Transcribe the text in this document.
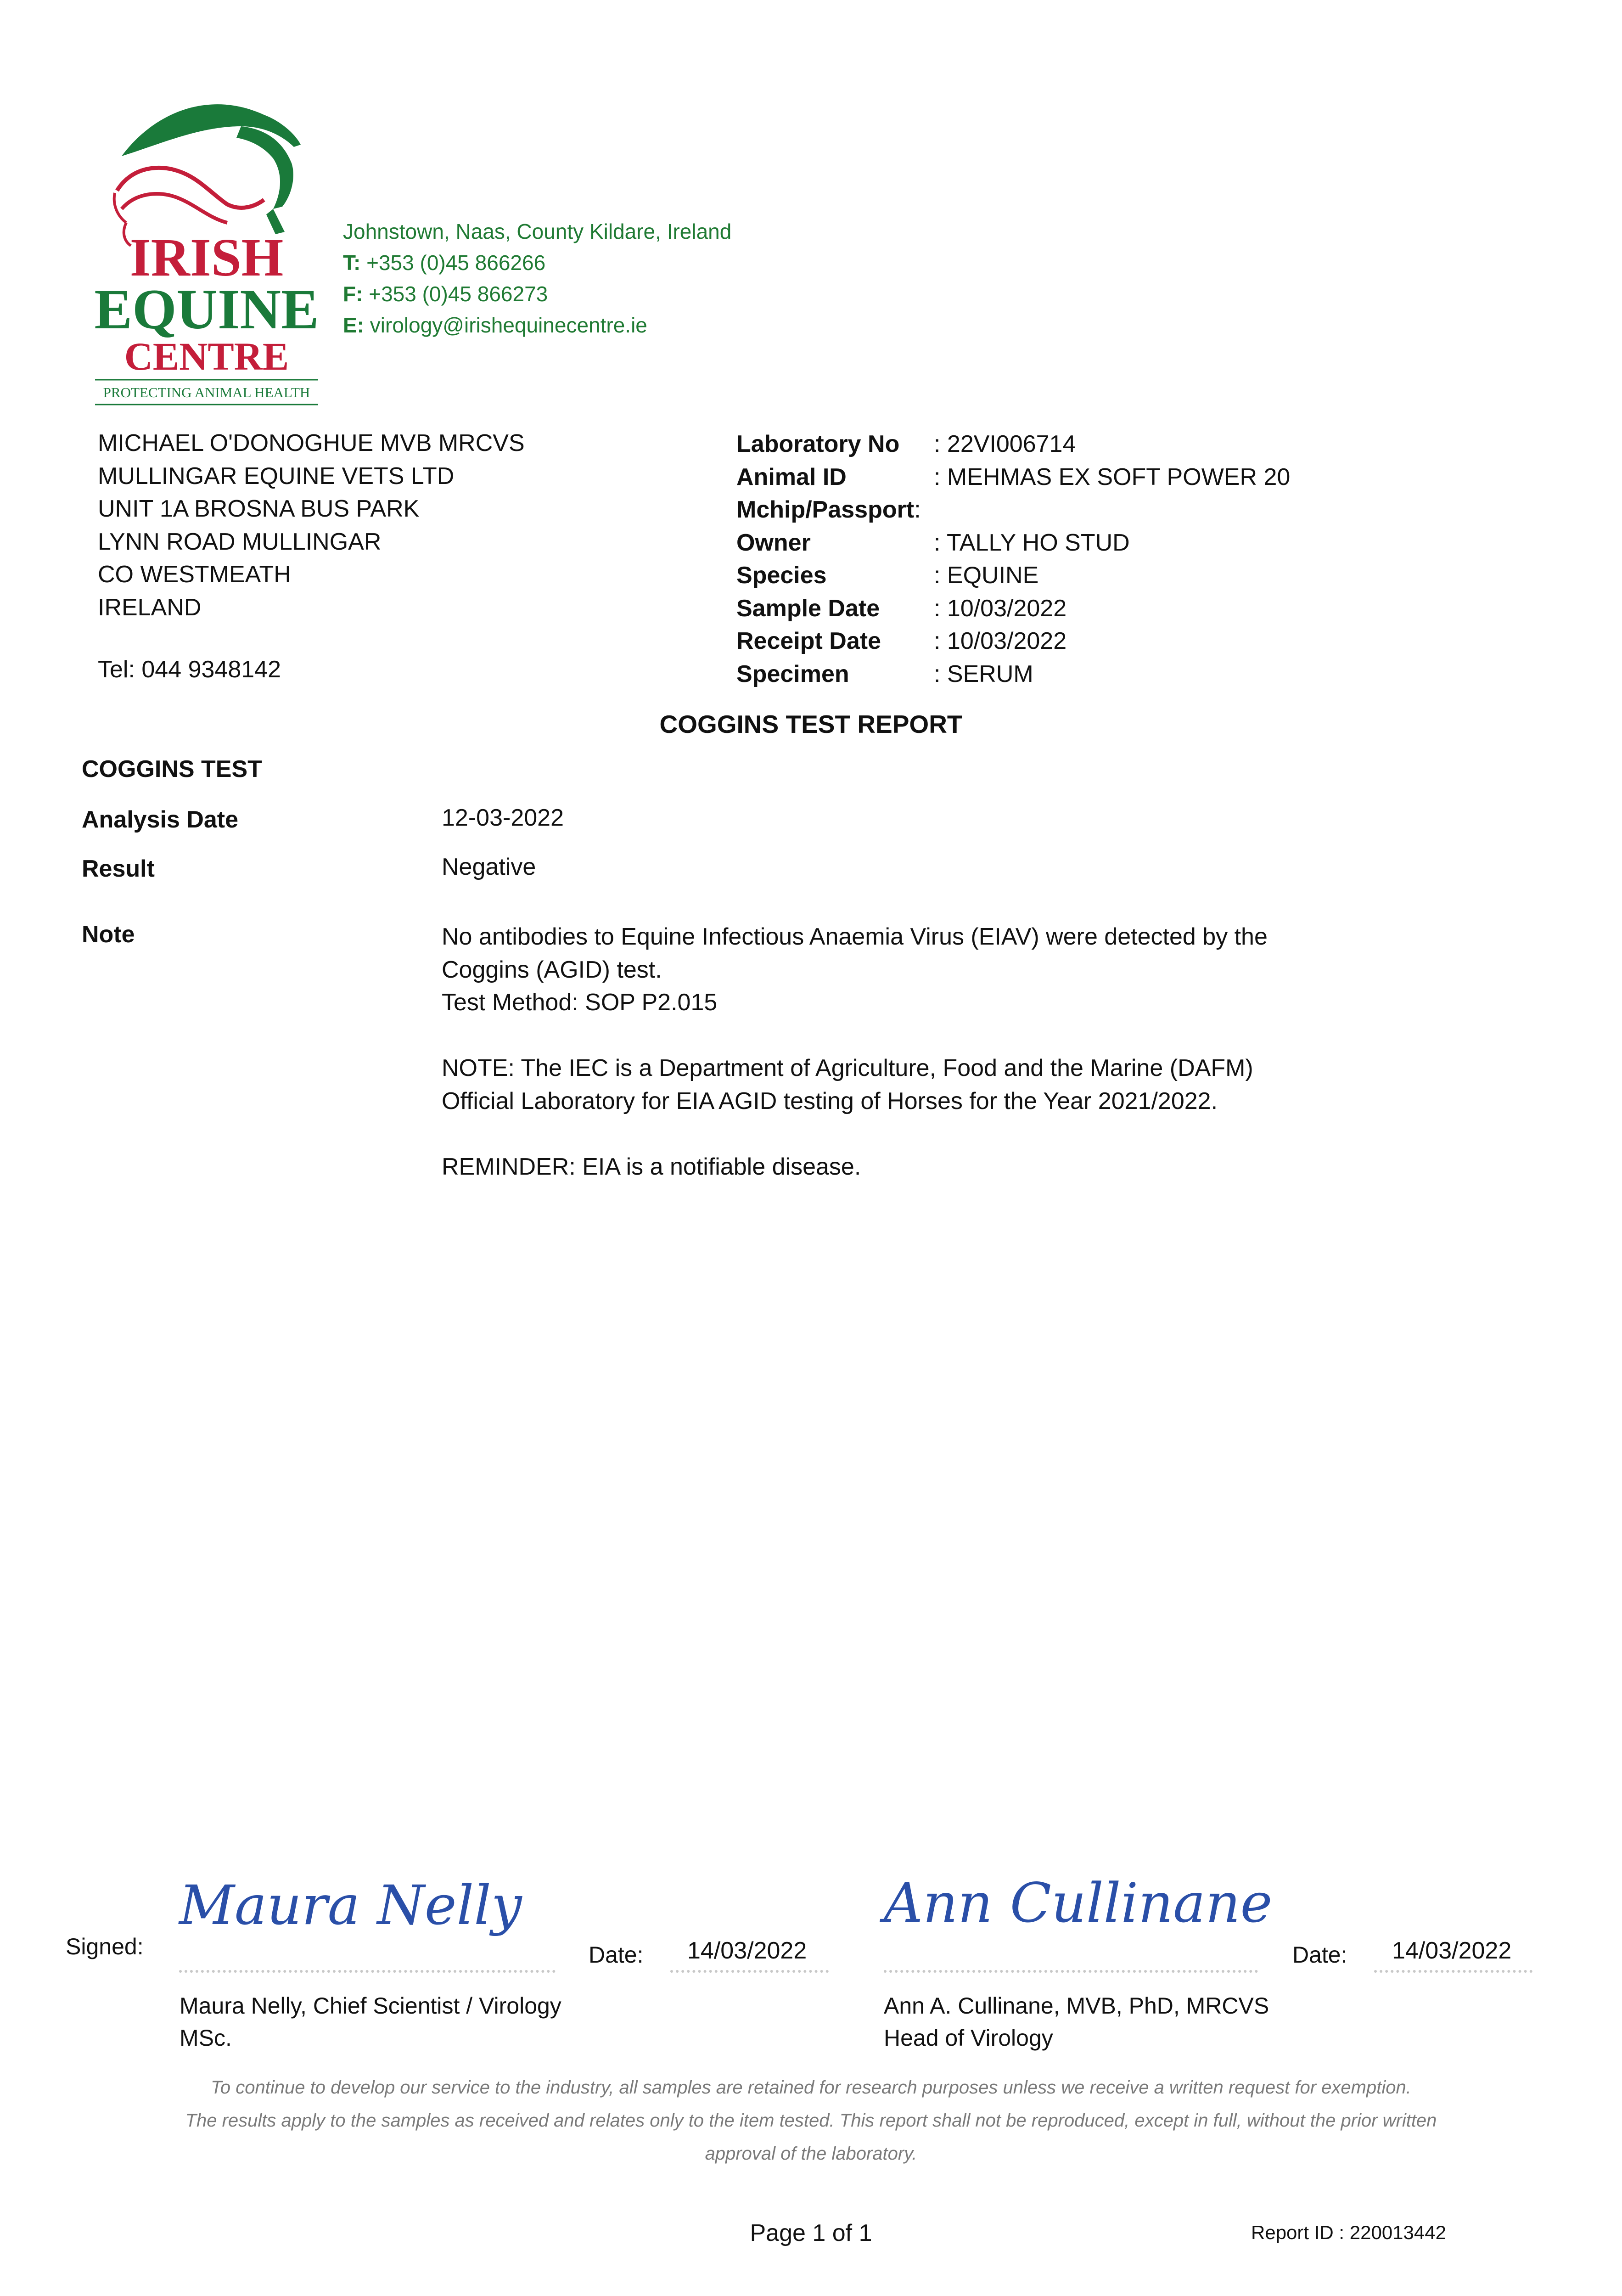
IRISH
EQUINE
CENTRE
PROTECTING ANIMAL HEALTH
Johnstown, Naas, County Kildare, Ireland
T: +353 (0)45 866266
F: +353 (0)45 866273
E: virology@irishequinecentre.ie
MICHAEL O'DONOGHUE MVB MRCVS
MULLINGAR EQUINE VETS LTD
UNIT 1A BROSNA BUS PARK
LYNN ROAD MULLINGAR
CO WESTMEATH
IRELAND
Tel: 044 9348142
Laboratory No	: 22VI006714
Animal ID	: MEHMAS EX SOFT POWER 20
Mchip/Passport :
Owner	: TALLY HO STUD
Species	: EQUINE
Sample Date	: 10/03/2022
Receipt Date	: 10/03/2022
Specimen	: SERUM
COGGINS TEST REPORT
COGGINS TEST
Analysis Date	12-03-2022
Result	Negative
Note	No antibodies to Equine Infectious Anaemia Virus (EIAV) were detected by the Coggins (AGID) test.

Test Method: SOP P2.015

NOTE: The IEC is a Department of Agriculture, Food and the Marine (DAFM) Official Laboratory for EIA AGID testing of Horses for the Year 2021/2022.

REMINDER: EIA is a notifiable disease.

Signed:
Maura Nelly
Date: 14/03/2022
Maura Nelly, Chief Scientist / Virology
MSc.
Ann Cullinane
Date: 14/03/2022
Ann A. Cullinane, MVB, PhD, MRCVS
Head of Virology
To continue to develop our service to the industry, all samples are retained for research purposes unless we receive a written request for exemption.
The results apply to the samples as received and relates only to the item tested. This report shall not be reproduced, except in full, without the prior written approval of the laboratory.
Page 1 of 1	Report ID : 220013442
